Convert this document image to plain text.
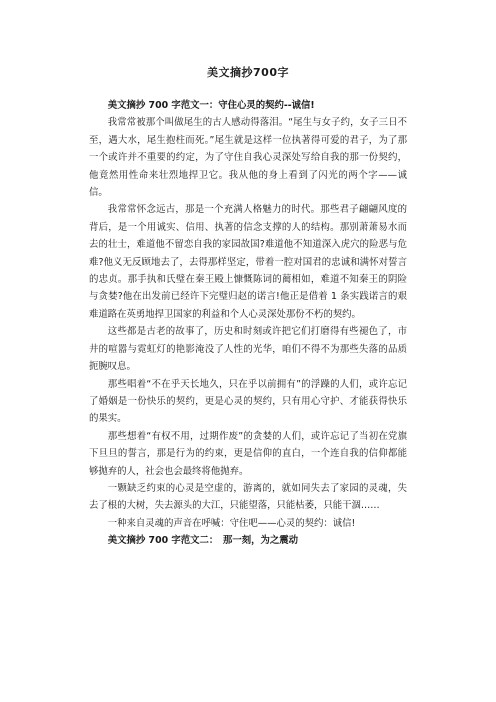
美文摘抄700字

美文摘抄 700 字范文一：守住心灵的契约--诚信!

我常常被那个叫做尾生的古人感动得落泪。“尾生与女子约，女子三日不至，遇大水，尾生抱柱而死。”尾生就是这样一位执著得可爱的君子，为了那一个或许并不重要的约定，为了守住自我心灵深处写给自我的那一份契约，他竟然用性命来壮烈地捍卫它。我从他的身上看到了闪光的两个字——诚信。

我常常怀念远古，那是一个充满人格魅力的时代。那些君子翩翩风度的背后，是一个用诚实、信用、执著的信念支撑的人的结构。那别萧萧易水而去的壮士，难道他不留恋自我的家园故国?难道他不知道深入虎穴的险恶与危难?他义无反顾地去了，去得那样坚定，带着一腔对国君的忠诚和满怀对誓言的忠贞。那手执和氏璧在秦王殿上慷慨陈词的蔺相如，难道不知秦王的阴险与贪婪?他在出发前已经许下完璧归赵的诺言!他正是借着 1 条实践诺言的艰难道路在英勇地捍卫国家的利益和个人心灵深处那份不朽的契约。

这些都是古老的故事了，历史和时刻或许把它们打磨得有些褪色了，市井的喧嚣与霓虹灯的艳影淹没了人性的光华，咱们不得不为那些失落的品质扼腕叹息。

那些唱着“不在乎天长地久，只在乎以前拥有”的浮躁的人们，或许忘记了婚姻是一份快乐的契约，更是心灵的契约，只有用心守护、才能获得快乐的果实。

那些想着“有权不用，过期作废”的贪婪的人们，或许忘记了当初在党旗下旦旦的誓言，那是行为的约束，更是信仰的直白，一个连自我的信仰都能够抛弃的人，社会也会最终将他抛弃。

一颗缺乏约束的心灵是空虚的，游离的，就如同失去了家园的灵魂，失去了根的大树，失去源头的大江，只能望落，只能枯萎，只能干涸……

一种来自灵魂的声音在呼喊：守住吧——心灵的契约：诚信!

美文摘抄 700 字范文二：　那一刻，为之震动
